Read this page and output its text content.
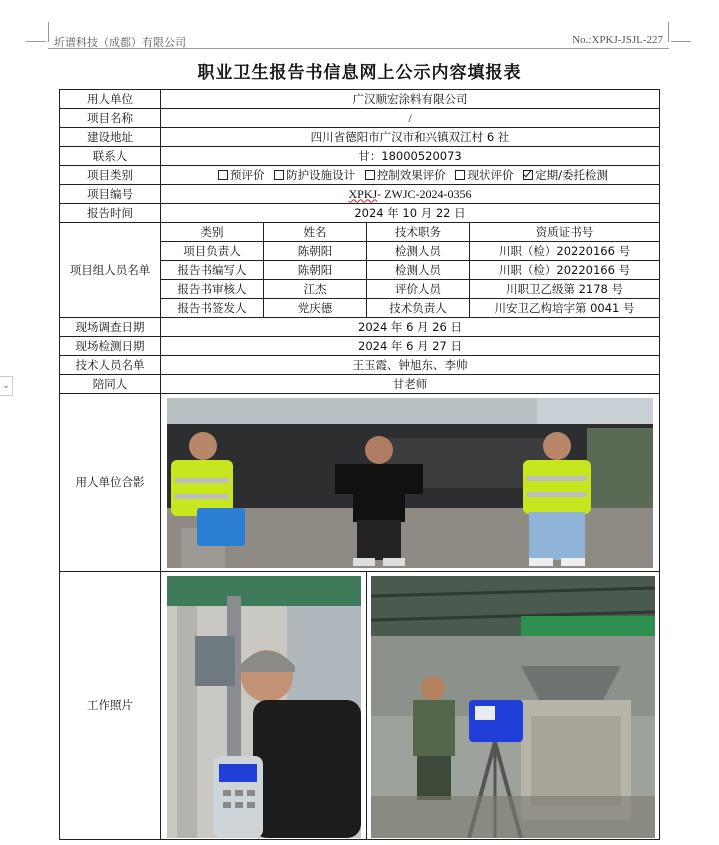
圻谱科技（成都）有限公司	No.:XPKJ-JSJL-227
职业卫生报告书信息网上公示内容填报表
⌄
用人单位	广汉顺宏涂料有限公司			
项目名称	/			
建设地址	四川省德阳市广汉市和兴镇双江村 6 社			
联系人	甘：18000520073			
项目类别	预评价 防护设施设计 控制效果评价 现状评价 定期/委托检测			
项目编号	XPKJ- ZWJC-2024-0356			
报告时间	2024 年 10 月 22 日			
项目组人员名单	类别	姓名	技术职务	资质证书号
	项目负责人	陈朝阳	检测人员	川职（检）20220166 号
	报告书编写人	陈朝阳	检测人员	川职（检）20220166 号
	报告书审核人	江杰	评价人员	川职卫乙级第 2178 号
	报告书签发人	党庆德	技术负责人	川安卫乙构培字第 0041 号
现场调查日期	2024 年 6 月 26 日			
现场检测日期	2024 年 6 月 27 日			
技术人员名单	王玉霞、钟旭东、李帅			
陪同人	甘老师			
用人单位合影	

工作照片	
